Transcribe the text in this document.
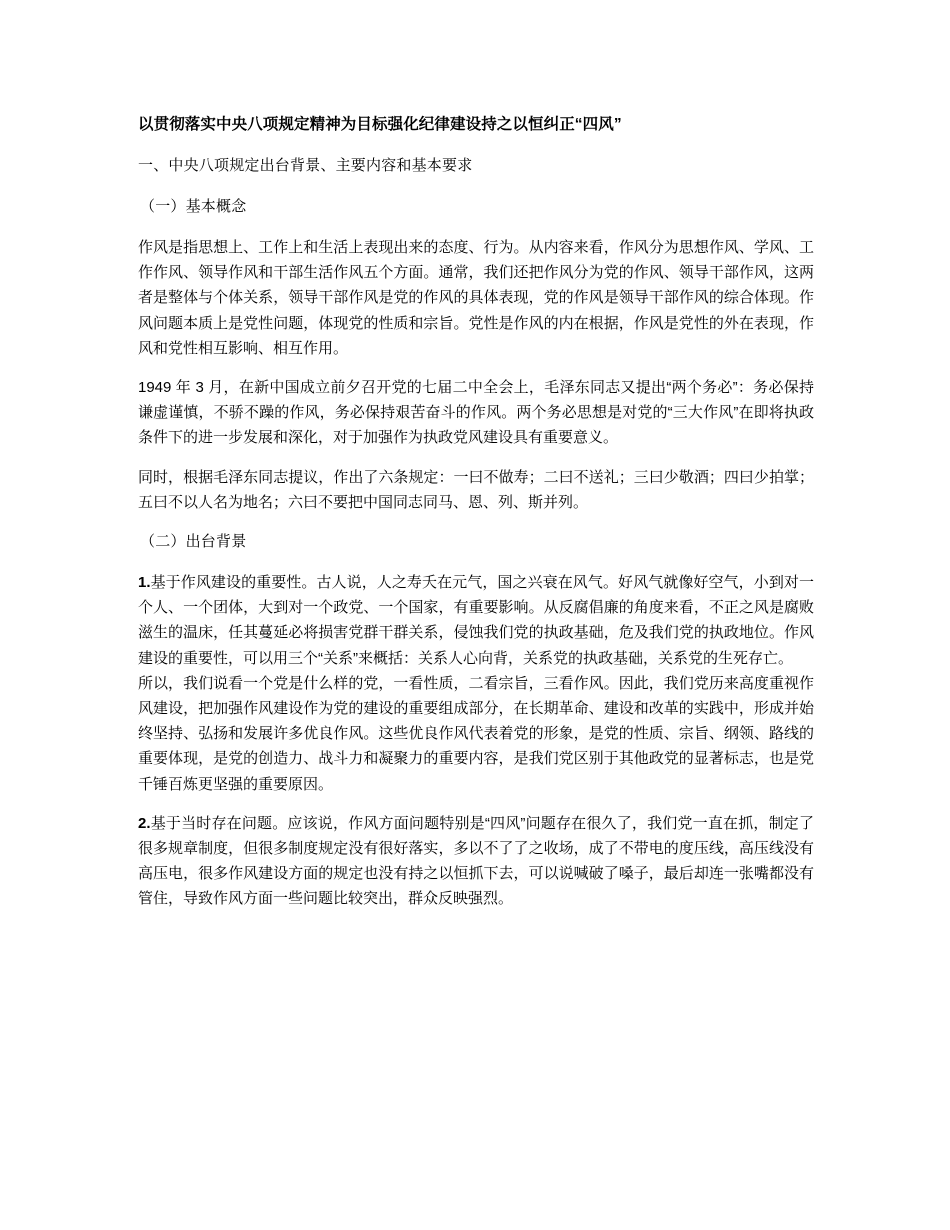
以贯彻落实中央八项规定精神为目标强化纪律建设持之以恒纠正“四风”
一、中央八项规定出台背景、主要内容和基本要求
（一）基本概念

作风是指思想上、工作上和生活上表现出来的态度、行为。从内容来看，作风分为思想作风、学风、工作作风、领导作风和干部生活作风五个方面。通常，我们还把作风分为党的作风、领导干部作风，这两者是整体与个体关系，领导干部作风是党的作风的具体表现，党的作风是领导干部作风的综合体现。作风问题本质上是党性问题，体现党的性质和宗旨。党性是作风的内在根据，作风是党性的外在表现，作风和党性相互影响、相互作用。

1949 年 3 月，在新中国成立前夕召开党的七届二中全会上，毛泽东同志又提出“两个务必”：务必保持谦虚谨慎，不骄不躁的作风，务必保持艰苦奋斗的作风。两个务必思想是对党的“三大作风”在即将执政条件下的进一步发展和深化，对于加强作为执政党风建设具有重要意义。

同时，根据毛泽东同志提议，作出了六条规定：一曰不做寿；二曰不送礼；三曰少敬酒；四曰少拍掌；五曰不以人名为地名；六曰不要把中国同志同马、恩、列、斯并列。

（二）出台背景

1.基于作风建设的重要性。古人说，人之寿夭在元气，国之兴衰在风气。好风气就像好空气，小到对一个人、一个团体，大到对一个政党、一个国家，有重要影响。从反腐倡廉的角度来看，不正之风是腐败滋生的温床，任其蔓延必将损害党群干群关系，侵蚀我们党的执政基础，危及我们党的执政地位。作风建设的重要性，可以用三个“关系”来概括：关系人心向背，关系党的执政基础，关系党的生死存亡。
所以，我们说看一个党是什么样的党，一看性质，二看宗旨，三看作风。因此，我们党历来高度重视作风建设，把加强作风建设作为党的建设的重要组成部分，在长期革命、建设和改革的实践中，形成并始终坚持、弘扬和发展许多优良作风。这些优良作风代表着党的形象，是党的性质、宗旨、纲领、路线的重要体现，是党的创造力、战斗力和凝聚力的重要内容，是我们党区别于其他政党的显著标志，也是党千锤百炼更坚强的重要原因。

2.基于当时存在问题。应该说，作风方面问题特别是“四风”问题存在很久了，我们党一直在抓，制定了很多规章制度，但很多制度规定没有很好落实，多以不了了之收场，成了不带电的度压线，高压线没有高压电，很多作风建设方面的规定也没有持之以恒抓下去，可以说喊破了嗓子，最后却连一张嘴都没有管住，导致作风方面一些问题比较突出，群众反映强烈。
